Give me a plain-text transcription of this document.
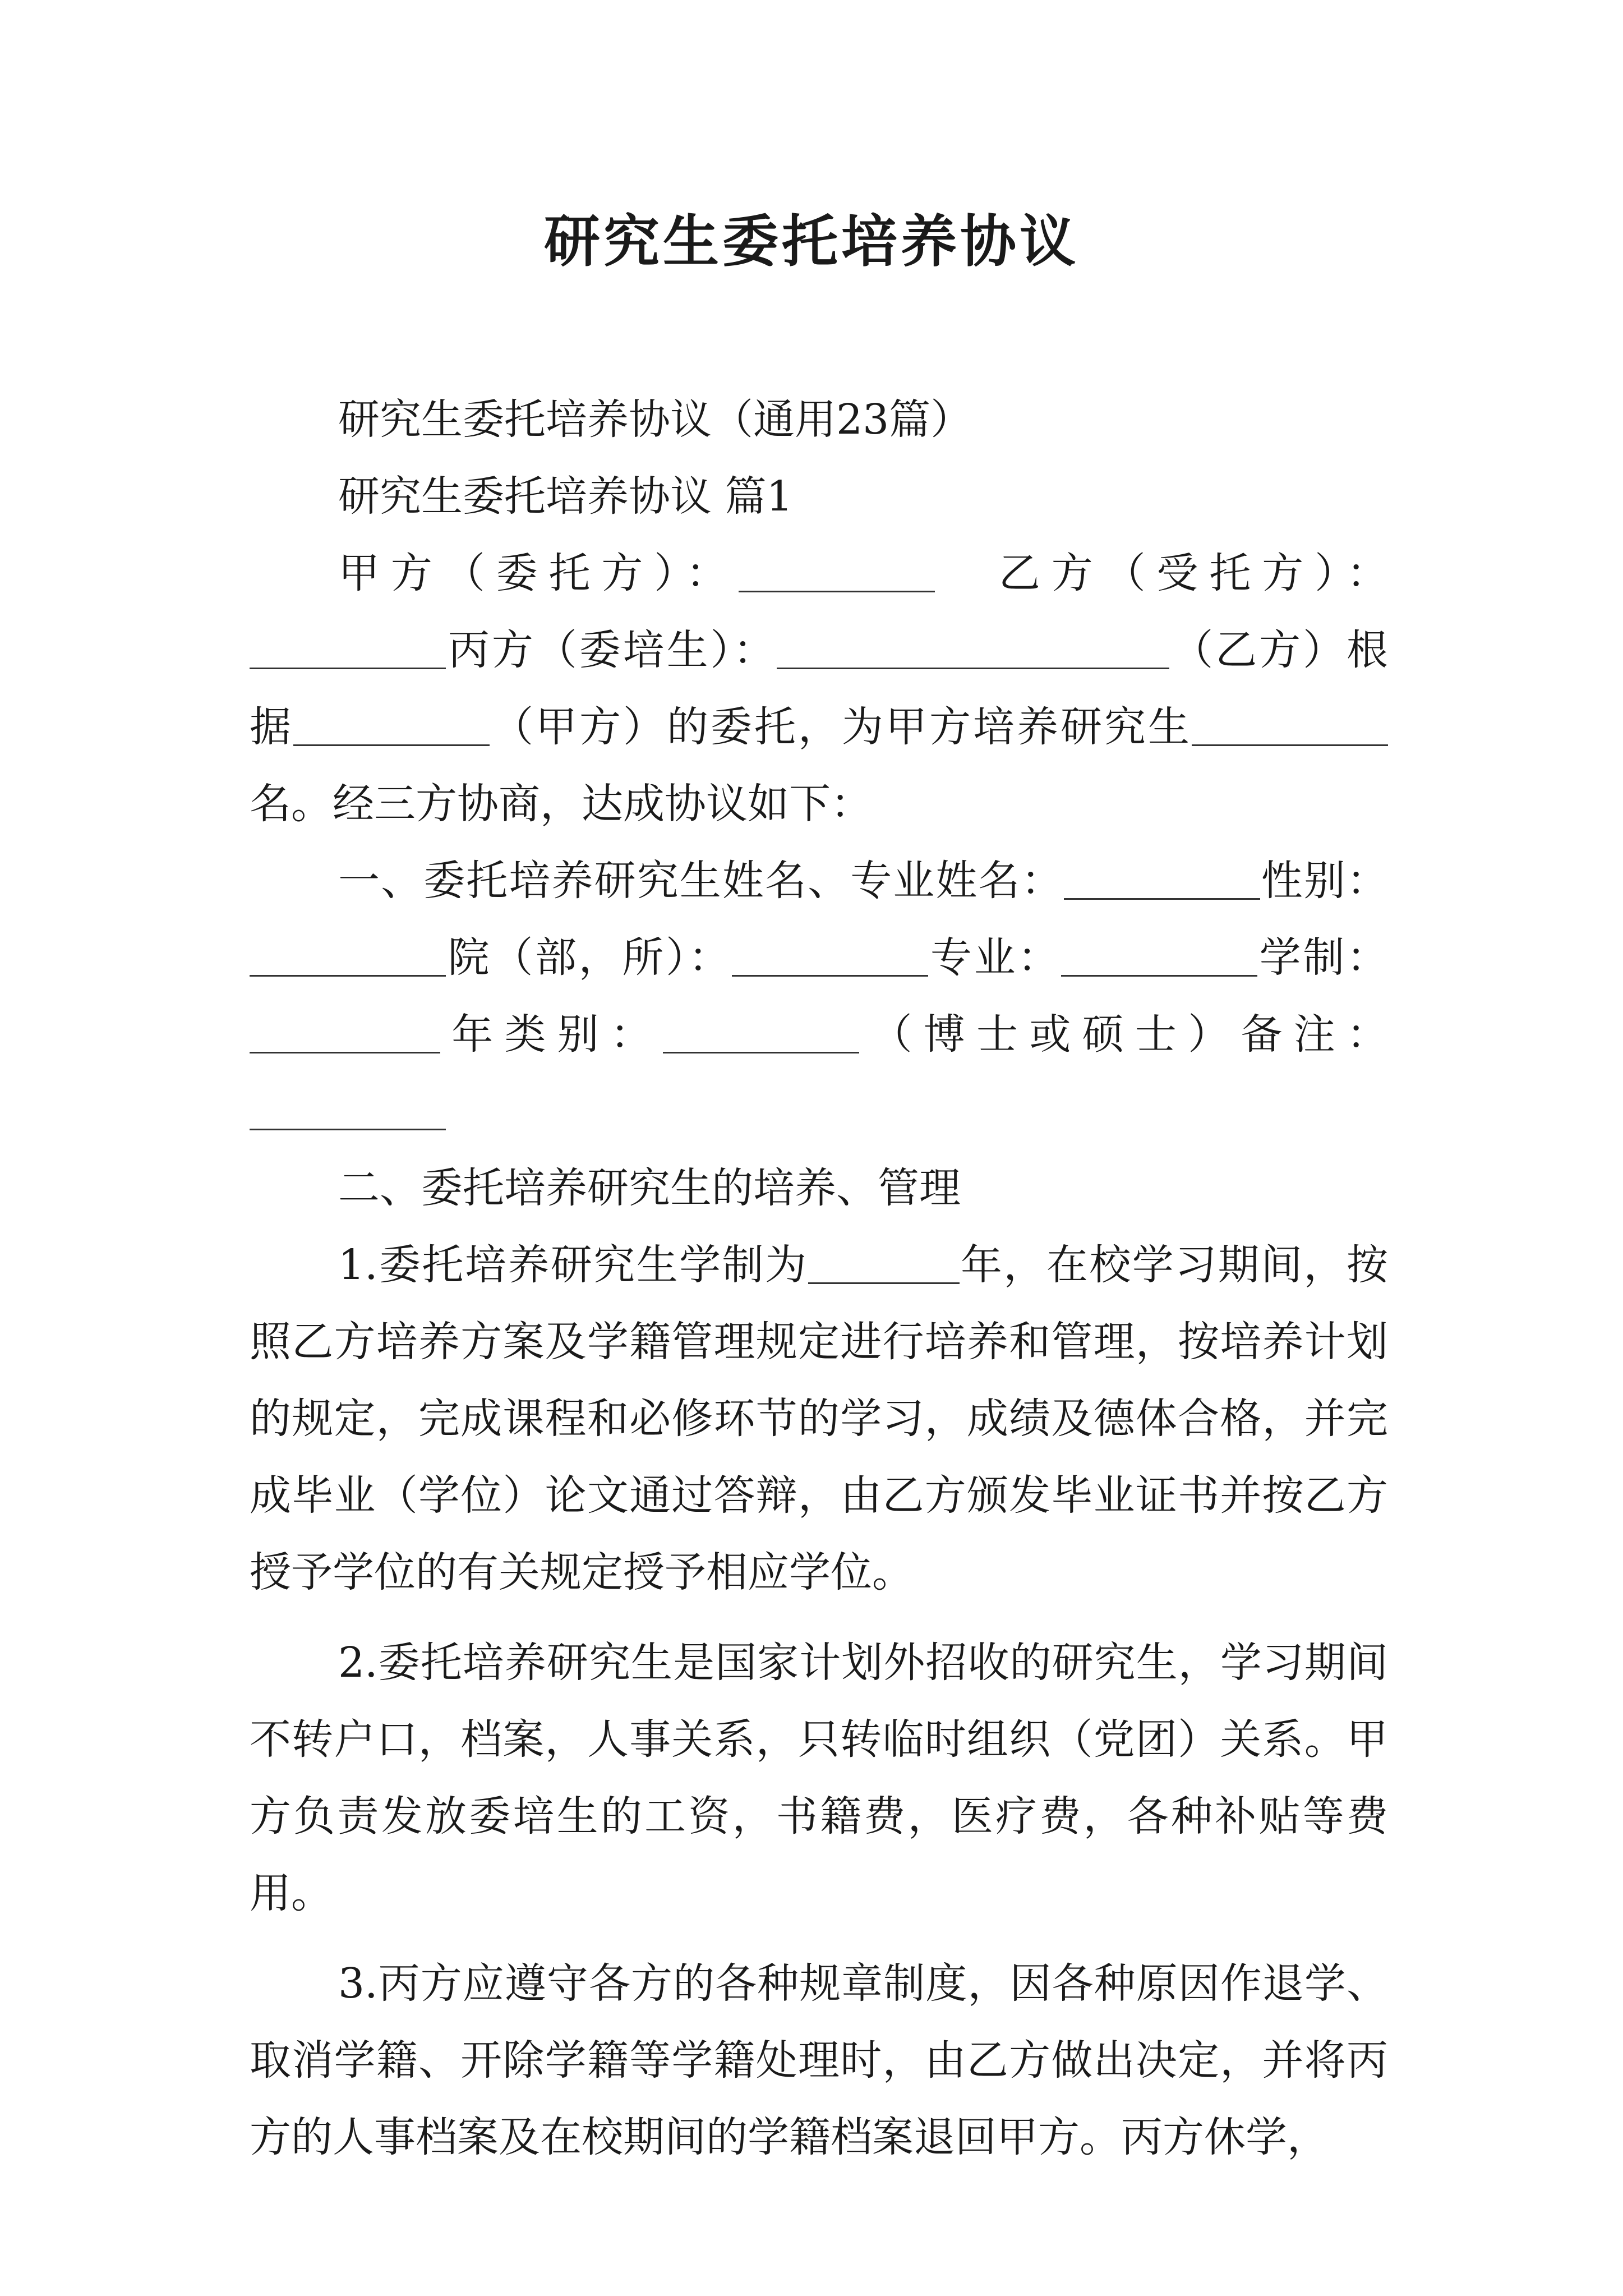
研究生委托培养协议

研究生委托培养协议（通用23篇）

研究生委托培养协议 篇1

甲方（委托方）：　	乙方（受托方）：丙方（委培生）：	（乙方）根据	（甲方）的委托，为甲方培养研究生名。经三方协商，达成协议如下：

一、委托培养研究生姓名、专业姓名：	性别：院（部，所）：	专业：	学制：年类别：	（博士或硕士）备注：

二、委托培养研究生的培养、管理

1.委托培养研究生学制为	年，在校学习期间，按照乙方培养方案及学籍管理规定进行培养和管理，按培养计划的规定，完成课程和必修环节的学习，成绩及德体合格，并完成毕业（学位）论文通过答辩，由乙方颁发毕业证书并按乙方授予学位的有关规定授予相应学位。

2.委托培养研究生是国家计划外招收的研究生，学习期间不转户口，档案，人事关系，只转临时组织（党团）关系。甲方负责发放委培生的工资，书籍费，医疗费，各种补贴等费用。

3.丙方应遵守各方的各种规章制度，因各种原因作退学、取消学籍、开除学籍等学籍处理时，由乙方做出决定，并将丙方的人事档案及在校期间的学籍档案退回甲方。丙方休学，
